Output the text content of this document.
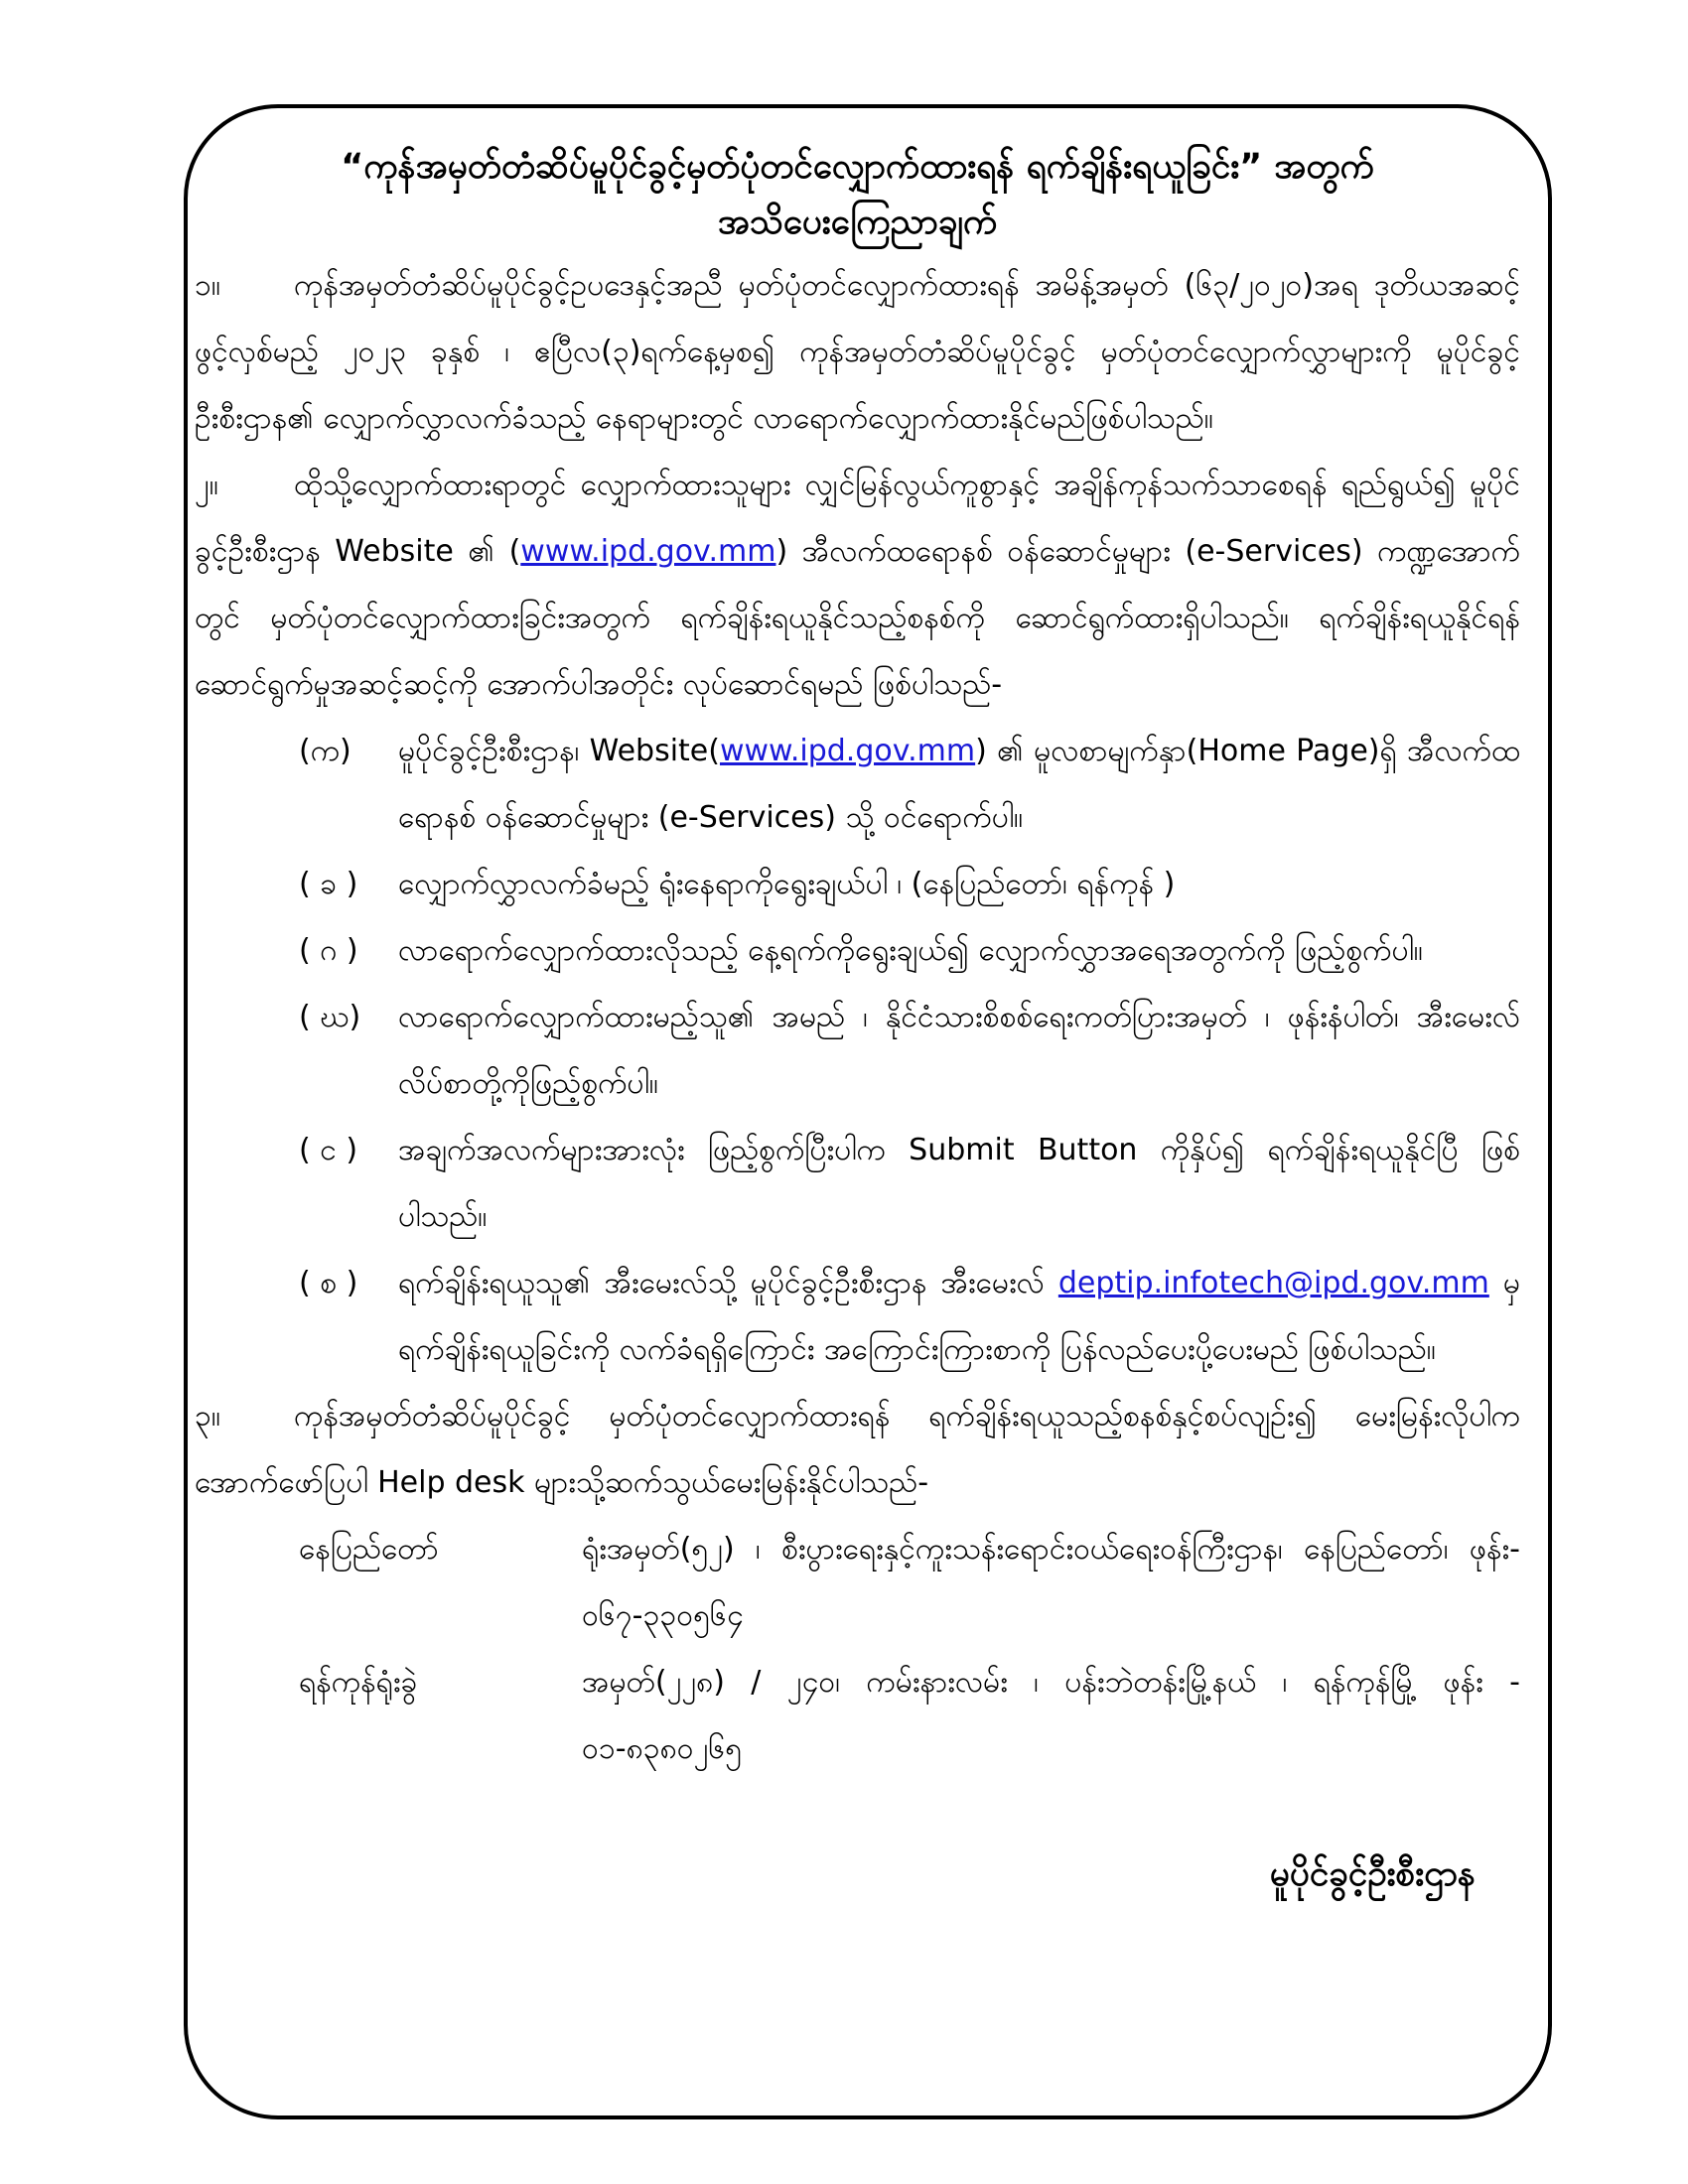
“ကုန်အမှတ်တံဆိပ်မူပိုင်ခွင့်မှတ်ပုံတင်လျှောက်ထားရန် ရက်ချိန်းရယူခြင်း” အတွက်
အသိပေးကြေညာချက်

၁။ ကုန်အမှတ်တံဆိပ်မူပိုင်ခွင့်ဥပဒေနှင့်အညီ မှတ်ပုံတင်လျှောက်ထားရန် အမိန့်အမှတ် (၆၃/၂၀၂၀)အရ ဒုတိယအဆင့်ဖွင့်လှစ်မည့် ၂၀၂၃ ခုနှစ် ၊ ဧပြီလ(၃)ရက်နေ့မှစ၍ ကုန်အမှတ်တံဆိပ်မူပိုင်ခွင့် မှတ်ပုံတင်လျှောက်လွှာများကို မူပိုင်ခွင့်ဦးစီးဌာန၏ လျှောက်လွှာလက်ခံသည့် နေရာများတွင် လာရောက်လျှောက်ထားနိုင်မည်ဖြစ်ပါသည်။

၂။	ထိုသို့လျှောက်ထားရာတွင် လျှောက်ထားသူများ လျှင်မြန်လွယ်ကူစွာနှင့် အချိန်ကုန်သက်သာစေရန် ရည်ရွယ်၍ မူပိုင်ခွင့်ဦးစီးဌာန Website ၏ (www.ipd.gov.mm) အီလက်ထရောနစ် ဝန်ဆောင်မှုများ (e-Services) ကဏ္ဍအောက်တွင် မှတ်ပုံတင်လျှောက်ထားခြင်းအတွက် ရက်ချိန်းရယူနိုင်သည့်စနစ်ကို ဆောင်ရွက်ထားရှိပါသည်။ ရက်ချိန်းရယူနိုင်ရန် ဆောင်ရွက်မှုအဆင့်ဆင့်ကို အောက်ပါအတိုင်း လုပ်ဆောင်ရမည် ဖြစ်ပါသည်-

(က)	မူပိုင်ခွင့်ဦးစီးဌာန၊ Website(www.ipd.gov.mm) ၏ မူလစာမျက်နှာ(Home Page)ရှိ အီလက်ထရောနစ် ဝန်ဆောင်မှုများ (e-Services) သို့ ဝင်ရောက်ပါ။
( ခ )	လျှောက်လွှာလက်ခံမည့် ရုံးနေရာကိုရွေးချယ်ပါ ၊ (နေပြည်တော်၊ ရန်ကုန် )
( ဂ )	လာရောက်လျှောက်ထားလိုသည့် နေ့ရက်ကိုရွေးချယ်၍ လျှောက်လွှာအရေအတွက်ကို ဖြည့်စွက်ပါ။
( ဃ)	လာရောက်လျှောက်ထားမည့်သူ၏ အမည် ၊ နိုင်ငံသားစိစစ်ရေးကတ်ပြားအမှတ် ၊ ဖုန်းနံပါတ်၊ အီးမေးလ် လိပ်စာတို့ကိုဖြည့်စွက်ပါ။
( င )	အချက်အလက်များအားလုံး ဖြည့်စွက်ပြီးပါက Submit Button ကိုနှိပ်၍ ရက်ချိန်းရယူနိုင်ပြီ ဖြစ်ပါသည်။
( စ )	ရက်ချိန်းရယူသူ၏ အီးမေးလ်သို့ မူပိုင်ခွင့်ဦးစီးဌာန အီးမေးလ် deptip.infotech@ipd.gov.mm မှ ရက်ချိန်းရယူခြင်းကို လက်ခံရရှိကြောင်း အကြောင်းကြားစာကို ပြန်လည်ပေးပို့ပေးမည် ဖြစ်ပါသည်။

၃။ ကုန်အမှတ်တံဆိပ်မူပိုင်ခွင့် မှတ်ပုံတင်လျှောက်ထားရန် ရက်ချိန်းရယူသည့်စနစ်နှင့်စပ်လျဉ်း၍ မေးမြန်းလိုပါက အောက်ဖော်ပြပါ Help desk များသို့ဆက်သွယ်မေးမြန်းနိုင်ပါသည်-

နေပြည်တော်	ရုံးအမှတ်(၅၂) ၊ စီးပွားရေးနှင့်ကူးသန်းရောင်းဝယ်ရေးဝန်ကြီးဌာန၊ နေပြည်တော်၊ ဖုန်း- ၀၆၇-၃၃၀၅၆၄
ရန်ကုန်ရုံးခွဲ	အမှတ်(၂၂၈) / ၂၄၀၊ ကမ်းနားလမ်း ၊ ပန်းဘဲတန်းမြို့နယ် ၊ ရန်ကုန်မြို့ ဖုန်း - ၀၁-၈၃၈၀၂၆၅
မူပိုင်ခွင့်ဦးစီးဌာန
